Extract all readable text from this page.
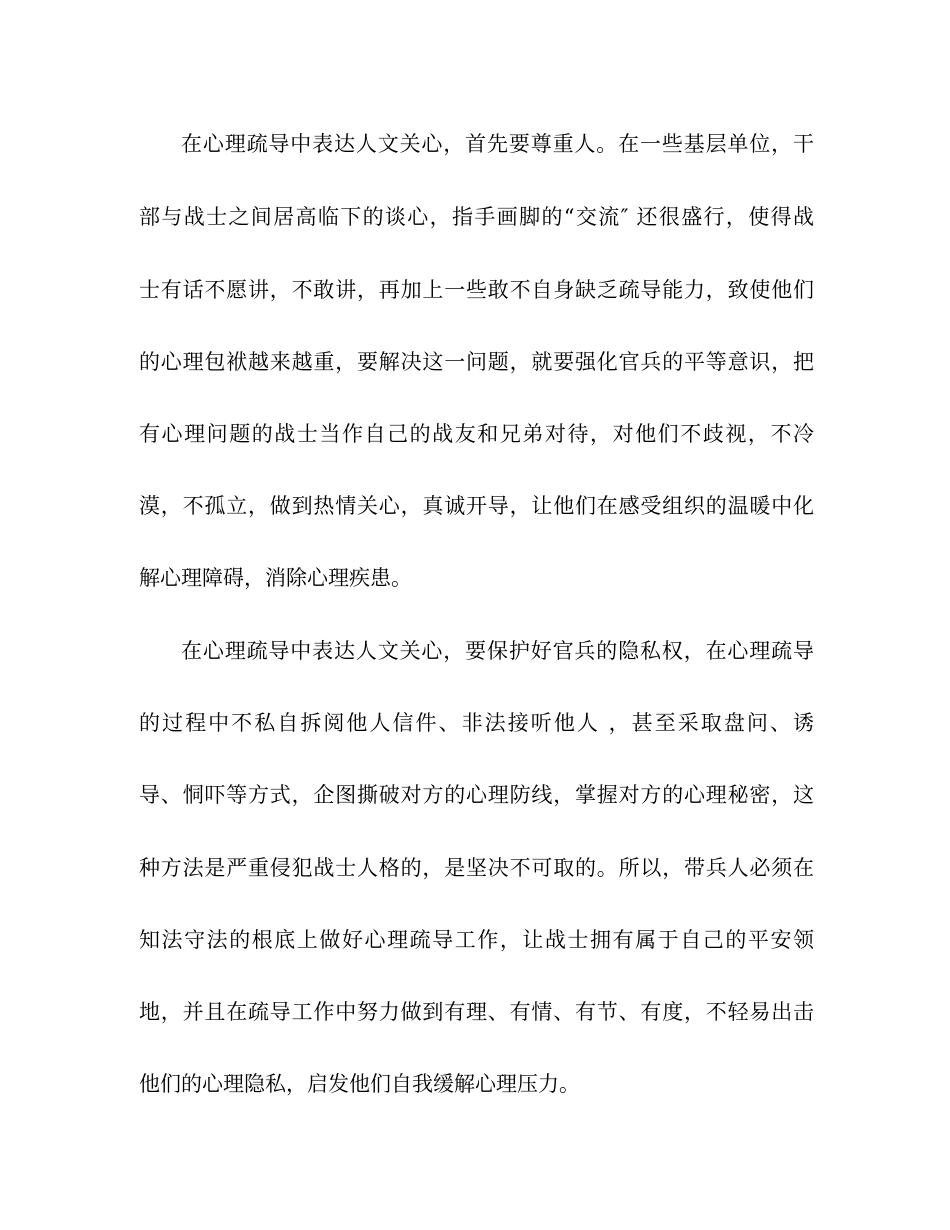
在心理疏导中表达人文关心，首先要尊重人。在一些基层单位，干
部与战士之间居高临下的谈心，指手画脚的“交流″ 还很盛行，使得战
士有话不愿讲，不敢讲，再加上一些敢不自身缺乏疏导能力，致使他们
的心理包袱越来越重，要解决这一问题，就要强化官兵的平等意识，把
有心理问题的战士当作自己的战友和兄弟对待，对他们不歧视，不冷
漠，不孤立，做到热情关心，真诚开导，让他们在感受组织的温暖中化
解心理障碍，消除心理疾患。
在心理疏导中表达人文关心，要保护好官兵的隐私权，在心理疏导
的过程中不私自拆阅他人信件、非法接听他人 ，甚至采取盘问、诱
导、恫吓等方式，企图撕破对方的心理防线，掌握对方的心理秘密，这
种方法是严重侵犯战士人格的，是坚决不可取的。所以，带兵人必须在
知法守法的根底上做好心理疏导工作，让战士拥有属于自己的平安领
地，并且在疏导工作中努力做到有理、有情、有节、有度，不轻易出击
他们的心理隐私，启发他们自我缓解心理压力。
